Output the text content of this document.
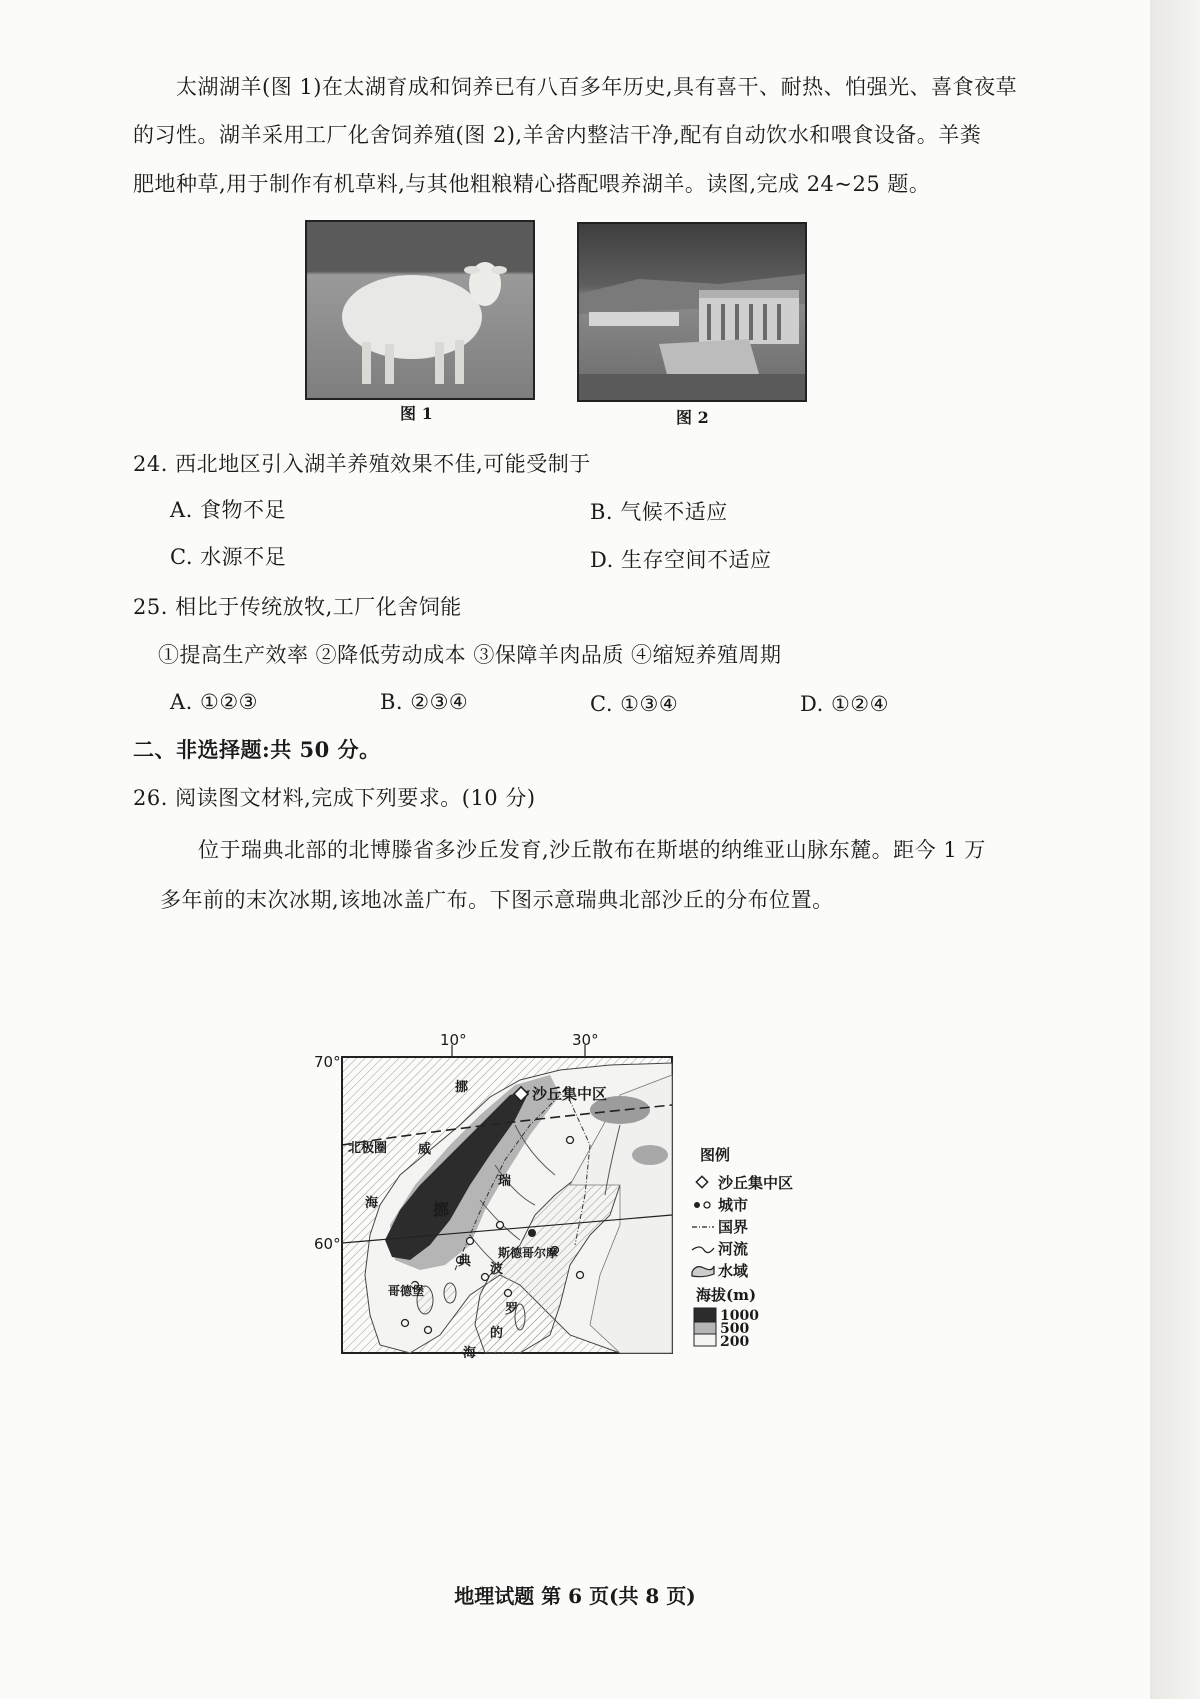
太湖湖羊(图 1)在太湖育成和饲养已有八百多年历史,具有喜干、耐热、怕强光、喜食夜草
的习性。湖羊采用工厂化舍饲养殖(图 2),羊舍内整洁干净,配有自动饮水和喂食设备。羊粪
肥地种草,用于制作有机草料,与其他粗粮精心搭配喂养湖羊。读图,完成 24~25 题。
图 1	图 2
24. 西北地区引入湖羊养殖效果不佳,可能受制于
A. 食物不足	B. 气候不适应
C. 水源不足	D. 生存空间不适应
25. 相比于传统放牧,工厂化舍饲能
①提高生产效率 ②降低劳动成本 ③保障羊肉品质 ④缩短养殖周期
A. ①②③	B. ②③④	C. ①③④	D. ①②④
二、非选择题:共 50 分。
26. 阅读图文材料,完成下列要求。(10 分)
位于瑞典北部的北博滕省多沙丘发育,沙丘散布在斯堪的纳维亚山脉东麓。距今 1 万
多年前的末次冰期,该地冰盖广布。下图示意瑞典北部沙丘的分布位置。
10°	30°
70°
60°
北极圈
挪
威
挪
威
海
瑞
典
沙丘集中区
斯德哥尔摩
哥德堡
波
罗
的
海
图例
沙丘集中区
城市
国界
河流
水域
海拔(m)
1000
500
200
地理试题 第 6 页(共 8 页)
